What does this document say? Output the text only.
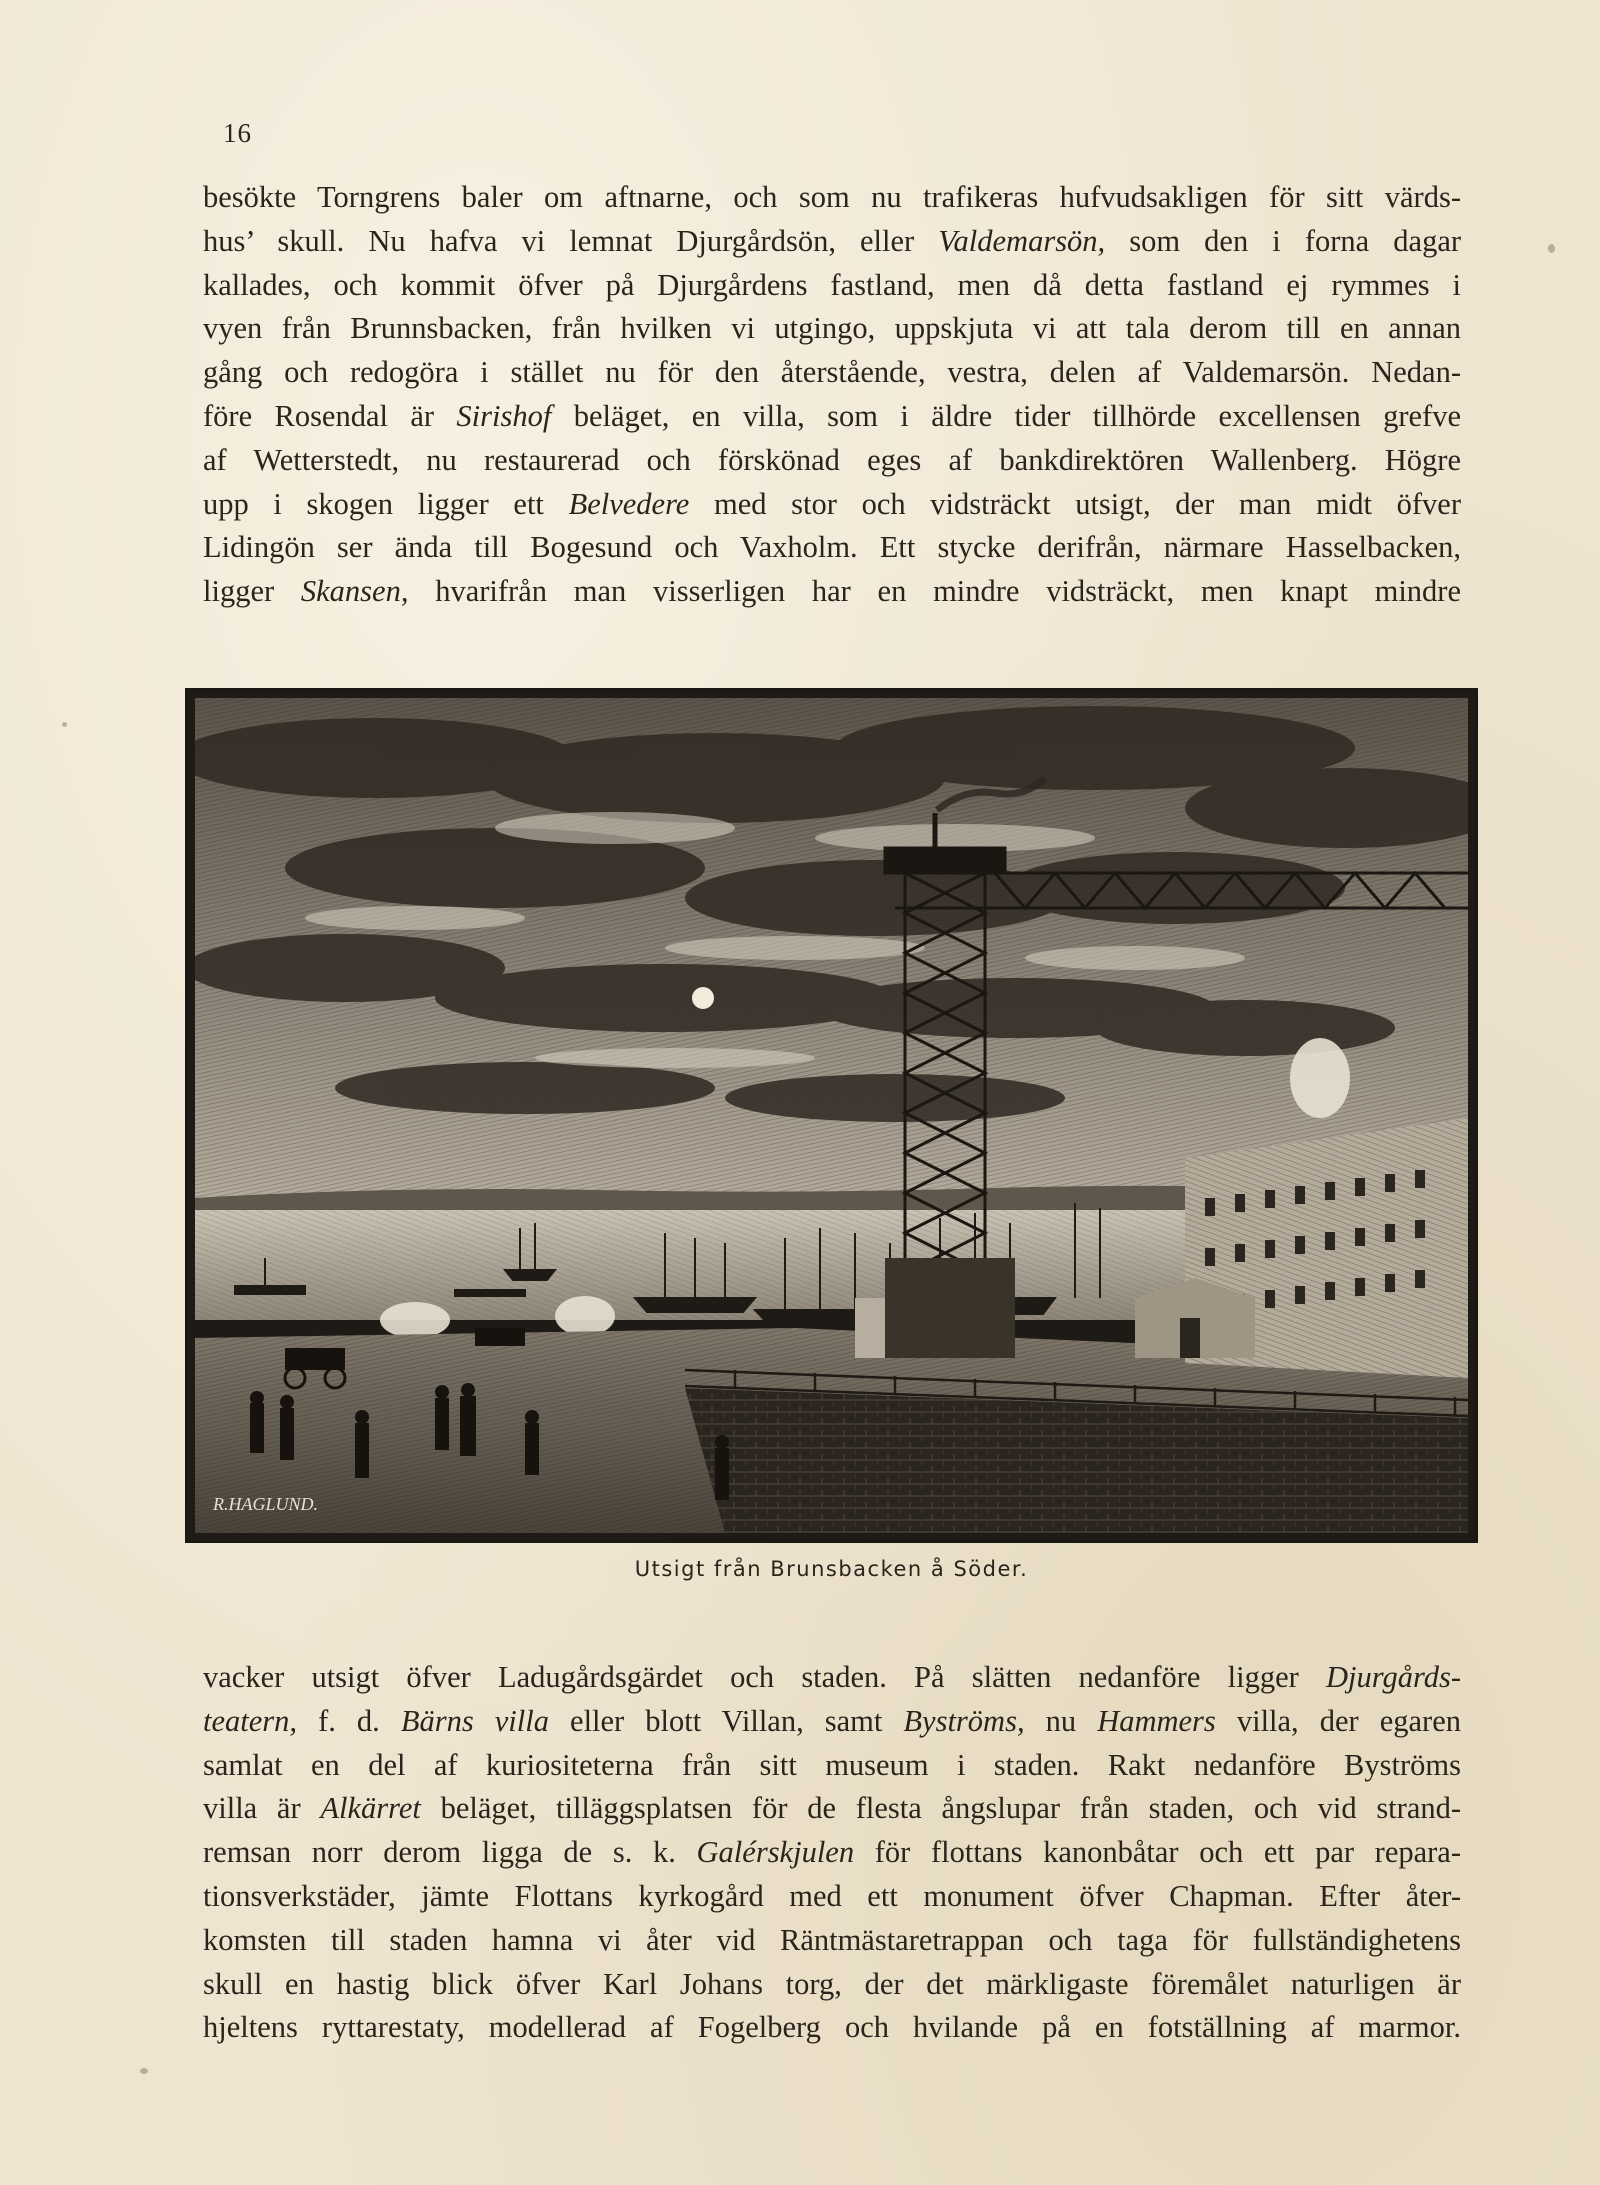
16
besökte Torngrens baler om aftnarne, och som nu trafikeras hufvudsakligen för sitt värds-
hus’ skull. Nu hafva vi lemnat Djurgårdsön, eller Valdemarsön, som den i forna dagar
kallades, och kommit öfver på Djurgårdens fastland, men då detta fastland ej rymmes i
vyen från Brunnsbacken, från hvilken vi utgingo, uppskjuta vi att tala derom till en annan
gång och redogöra i stället nu för den återstående, vestra, delen af Valdemarsön. Nedan-
före Rosendal är Sirishof beläget, en villa, som i äldre tider tillhörde excellensen grefve
af Wetterstedt, nu restaurerad och förskönad eges af bankdirektören Wallenberg. Högre
upp i skogen ligger ett Belvedere med stor och vidsträckt utsigt, der man midt öfver
Lidingön ser ända till Bogesund och Vaxholm. Ett stycke derifrån, närmare Hasselbacken,
ligger Skansen, hvarifrån man visserligen har en mindre vidsträckt, men knapt mindre
R.HAGLUND.
Utsigt från Brunsbacken å Söder.
vacker utsigt öfver Ladugårdsgärdet och staden. På slätten nedanföre ligger Djurgårds-
teatern, f. d. Bärns villa eller blott Villan, samt Byströms, nu Hammers villa, der egaren
samlat en del af kuriositeterna från sitt museum i staden. Rakt nedanföre Byströms
villa är Alkärret beläget, tilläggsplatsen för de flesta ångslupar från staden, och vid strand-
remsan norr derom ligga de s. k. Galérskjulen för flottans kanonbåtar och ett par repara-
tionsverkstäder, jämte Flottans kyrkogård med ett monument öfver Chapman. Efter åter-
komsten till staden hamna vi åter vid Räntmästaretrappan och taga för fullständighetens
skull en hastig blick öfver Karl Johans torg, der det märkligaste föremålet naturligen är
hjeltens ryttarestaty, modellerad af Fogelberg och hvilande på en fotställning af marmor.
